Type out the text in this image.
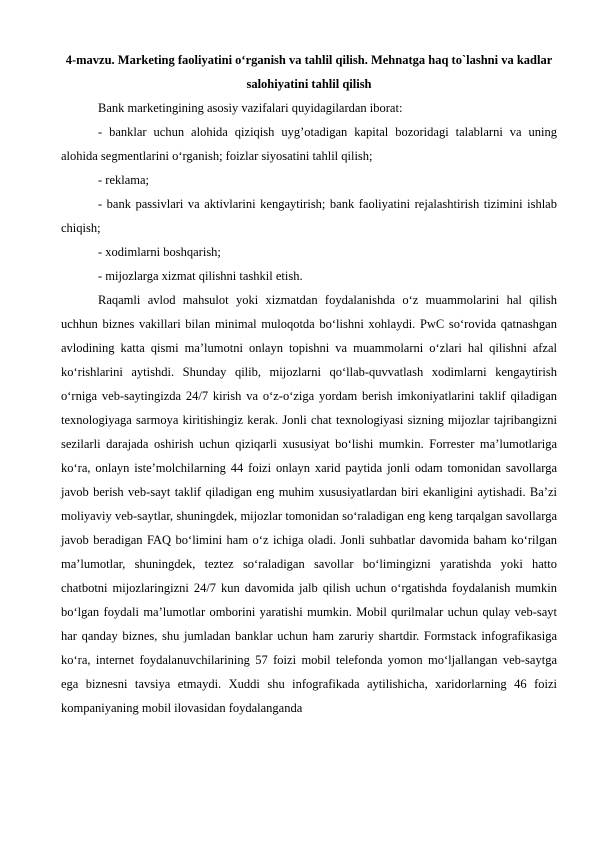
4-mavzu. Marketing faoliyatini o‘rganish va tahlil qilish. Mehnatga haq to`lashni va kadlar salohiyatini tahlil qilish

Bank marketingining asosiy vazifalari quyidagilardan iborat:

- banklar uchun alohida qiziqish uyg’otadigan kapital bozoridagi talablarni va uning alohida segmentlarini o‘rganish; foizlar siyosatini tahlil qilish;

- reklama;

- bank passivlari va aktivlarini kengaytirish; bank faoliyatini rejalashtirish tizimini ishlab chiqish;

- xodimlarni boshqarish;

- mijozlarga xizmat qilishni tashkil etish.

Raqamli avlod mahsulot yoki xizmatdan foydalanishda o‘z muammolarini hal qilish uchhun biznes vakillari bilan minimal muloqotda bo‘lishni xohlaydi. PwC so‘rovida qatnashgan avlodining katta qismi ma’lumotni onlayn topishni va muammolarni o‘zlari hal qilishni afzal ko‘rishlarini aytishdi. Shunday qilib, mijozlarni qo‘llab-quvvatlash xodimlarni kengaytirish o‘rniga veb-saytingizda 24/7 kirish va o‘z-o‘ziga yordam berish imkoniyatlarini taklif qiladigan texnologiyaga sarmoya kiritishingiz kerak. Jonli chat texnologiyasi sizning mijozlar tajribangizni sezilarli darajada oshirish uchun qiziqarli xususiyat bo‘lishi mumkin. Forrester ma’lumotlariga ko‘ra, onlayn iste’molchilarning 44 foizi onlayn xarid paytida jonli odam tomonidan savollarga javob berish veb-sayt taklif qiladigan eng muhim xususiyatlardan biri ekanligini aytishadi. Ba’zi moliyaviy veb-saytlar, shuningdek, mijozlar tomonidan so‘raladigan eng keng tarqalgan savollarga javob beradigan FAQ bo‘limini ham o‘z ichiga oladi. Jonli suhbatlar davomida baham ko‘rilgan ma’lumotlar, shuningdek, teztez so‘raladigan savollar bo‘limingizni yaratishda yoki hatto chatbotni mijozlaringizni 24/7 kun davomida jalb qilish uchun o‘rgatishda foydalanish mumkin bo‘lgan foydali ma’lumotlar omborini yaratishi mumkin. Mobil qurilmalar uchun qulay veb-sayt har qanday biznes, shu jumladan banklar uchun ham zaruriy shartdir. Formstack infografikasiga ko‘ra, internet foydalanuvchilarining 57 foizi mobil telefonda yomon mo‘ljallangan veb-saytga ega biznesni tavsiya etmaydi. Xuddi shu infografikada aytilishicha, xaridorlarning 46 foizi kompaniyaning mobil ilovasidan foydalanganda
